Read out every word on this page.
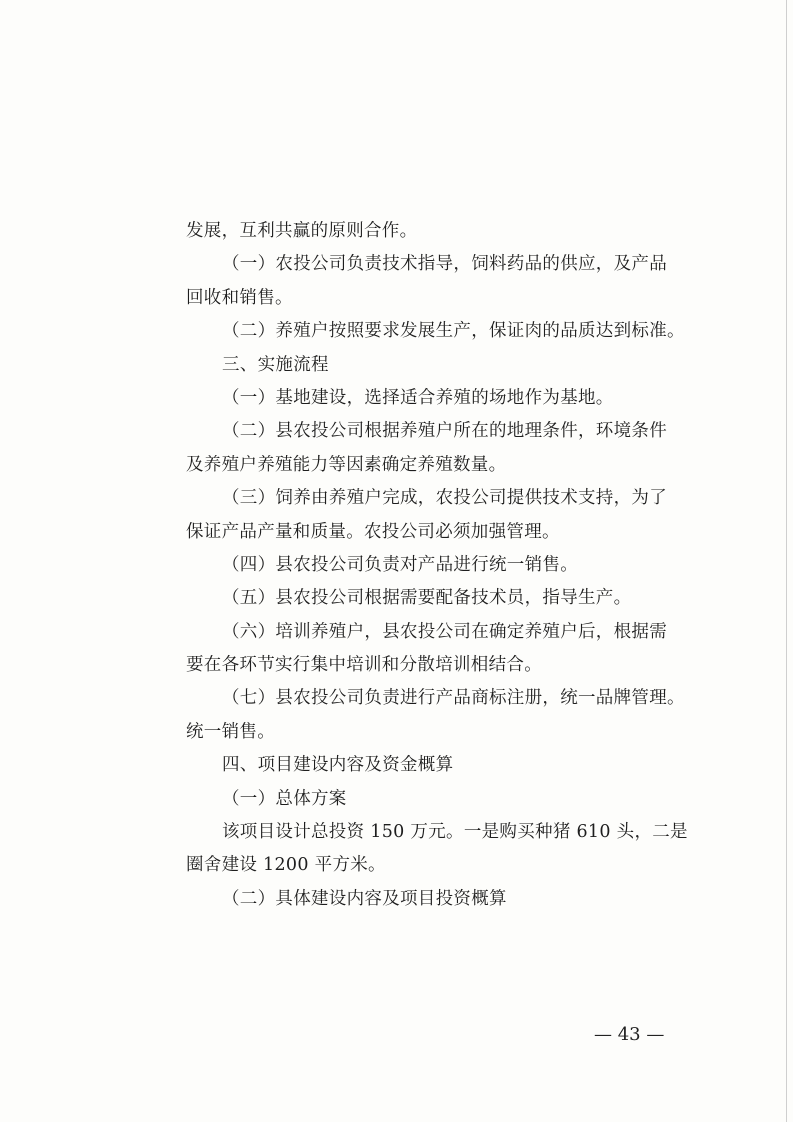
发展，互利共赢的原则合作。
（一）农投公司负责技术指导，饲料药品的供应，及产品
回收和销售。
（二）养殖户按照要求发展生产，保证肉的品质达到标准。
三、实施流程
（一）基地建设，选择适合养殖的场地作为基地。
（二）县农投公司根据养殖户所在的地理条件，环境条件
及养殖户养殖能力等因素确定养殖数量。
（三）饲养由养殖户完成，农投公司提供技术支持，为了
保证产品产量和质量。农投公司必须加强管理。
（四）县农投公司负责对产品进行统一销售。
（五）县农投公司根据需要配备技术员，指导生产。
（六）培训养殖户，县农投公司在确定养殖户后，根据需
要在各环节实行集中培训和分散培训相结合。
（七）县农投公司负责进行产品商标注册，统一品牌管理。
统一销售。
四、项目建设内容及资金概算
（一）总体方案
该项目设计总投资 150 万元。一是购买种猪 610 头，二是
圈舍建设 1200 平方米。
（二）具体建设内容及项目投资概算
— 43 —
